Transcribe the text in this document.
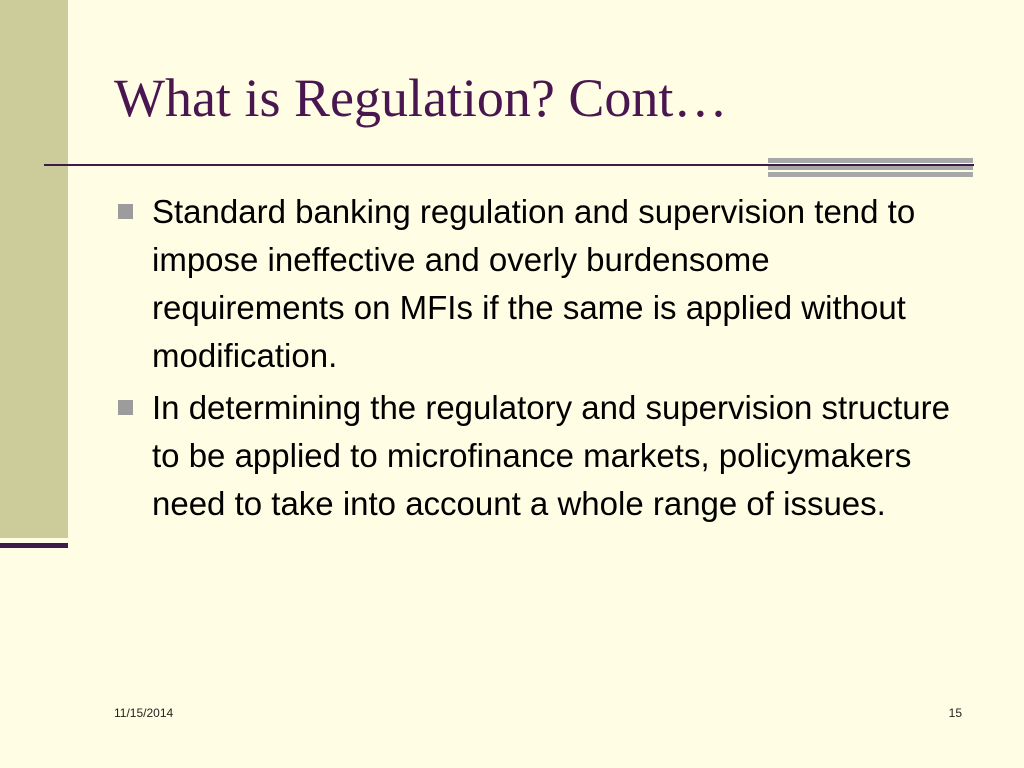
What is Regulation? Cont…
Standard banking regulation and supervision tend to impose ineffective and overly burdensome requirements on MFIs if the same is applied without modification.
In determining the regulatory and supervision structure to be applied to microfinance markets, policymakers need to take into account a whole range of issues.
11/15/2014	15
